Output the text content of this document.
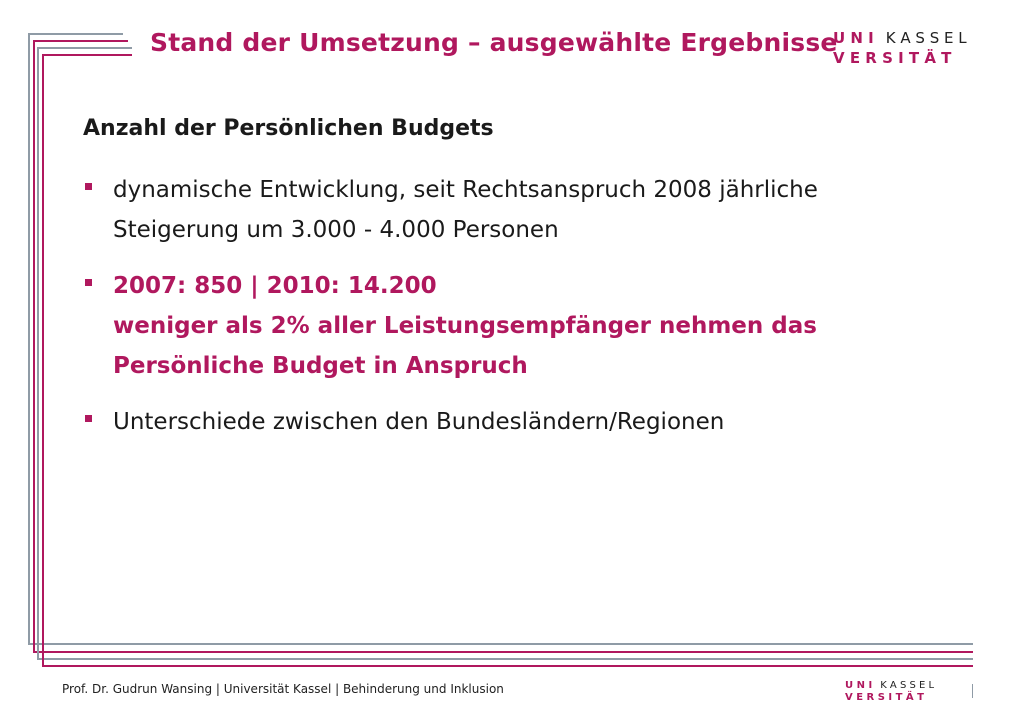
Stand der Umsetzung – ausgewählte Ergebnisse
U N I K A S S E L
V E R S I T Ä T
Anzahl der Persönlichen Budgets
dynamische Entwicklung, seit Rechtsanspruch 2008 jährliche
Steigerung um 3.000 - 4.000 Personen
2007: 850 | 2010: 14.200
weniger als 2% aller Leistungsempfänger nehmen das
Persönliche Budget in Anspruch
Unterschiede zwischen den Bundesländern/Regionen
Prof. Dr. Gudrun Wansing | Universität Kassel | Behinderung und Inklusion	U N I K A S S E L
V E R S I T Ä T
